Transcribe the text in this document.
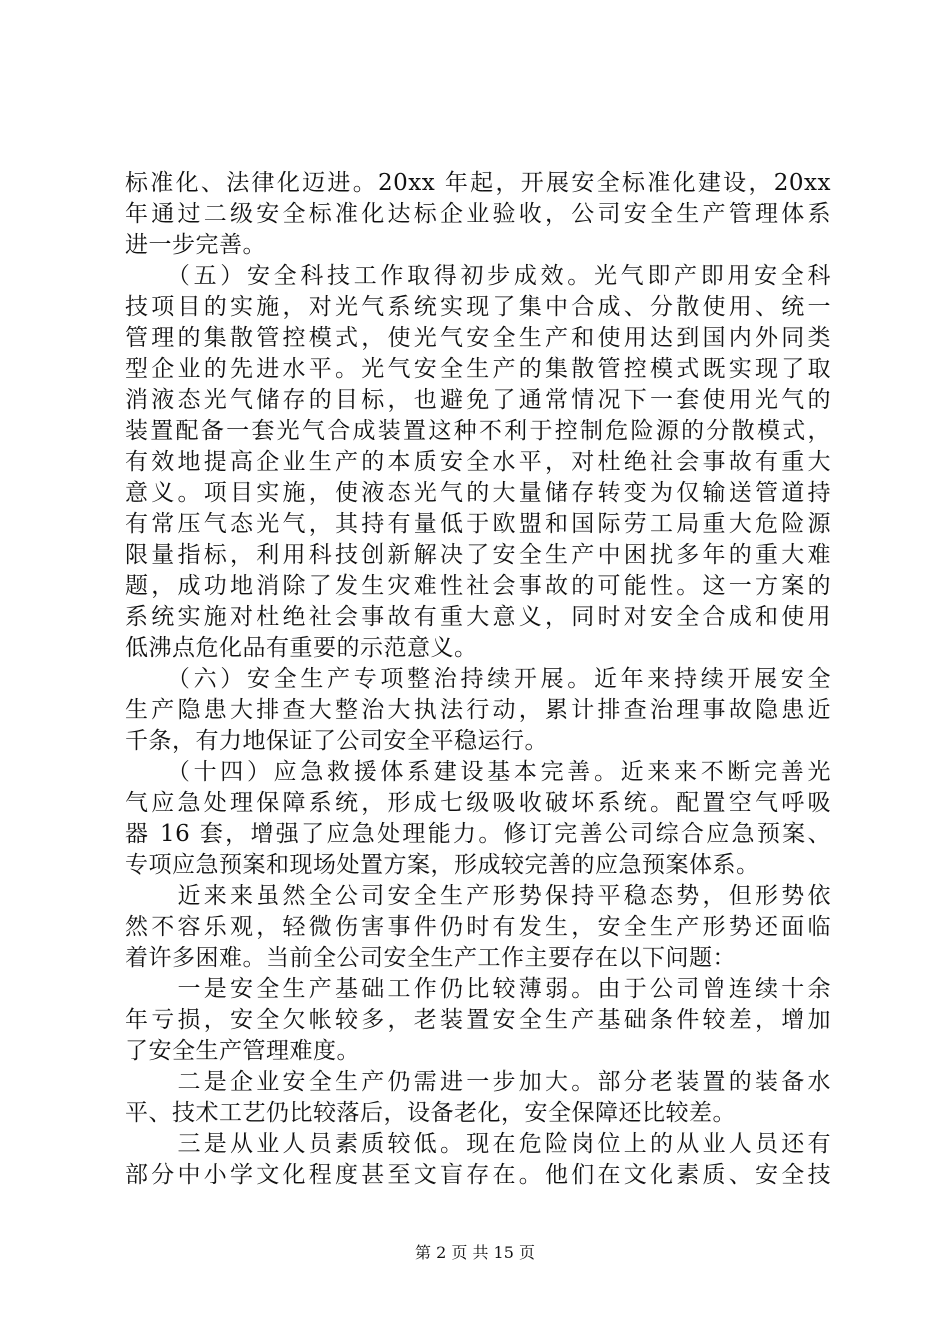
标准化、法律化迈进。20xx 年起，开展安全标准化建设，20xx
年通过二级安全标准化达标企业验收，公司安全生产管理体系
进一步完善。
　　（五）安全科技工作取得初步成效。光气即产即用安全科
技项目的实施，对光气系统实现了集中合成、分散使用、统一
管理的集散管控模式，使光气安全生产和使用达到国内外同类
型企业的先进水平。光气安全生产的集散管控模式既实现了取
消液态光气储存的目标，也避免了通常情况下一套使用光气的
装置配备一套光气合成装置这种不利于控制危险源的分散模式，
有效地提高企业生产的本质安全水平，对杜绝社会事故有重大
意义。项目实施，使液态光气的大量储存转变为仅输送管道持
有常压气态光气，其持有量低于欧盟和国际劳工局重大危险源
限量指标，利用科技创新解决了安全生产中困扰多年的重大难
题，成功地消除了发生灾难性社会事故的可能性。这一方案的
系统实施对杜绝社会事故有重大意义，同时对安全合成和使用
低沸点危化品有重要的示范意义。
　　（六）安全生产专项整治持续开展。近年来持续开展安全
生产隐患大排查大整治大执法行动，累计排查治理事故隐患近
千条，有力地保证了公司安全平稳运行。
　　（十四）应急救援体系建设基本完善。近来来不断完善光
气应急处理保障系统，形成七级吸收破坏系统。配置空气呼吸
器 16 套，增强了应急处理能力。修订完善公司综合应急预案、
专项应急预案和现场处置方案，形成较完善的应急预案体系。
　　近来来虽然全公司安全生产形势保持平稳态势，但形势依
然不容乐观，轻微伤害事件仍时有发生，安全生产形势还面临
着许多困难。当前全公司安全生产工作主要存在以下问题：
　　一是安全生产基础工作仍比较薄弱。由于公司曾连续十余
年亏损，安全欠帐较多，老装置安全生产基础条件较差，增加
了安全生产管理难度。
　　二是企业安全生产仍需进一步加大。部分老装置的装备水
平、技术工艺仍比较落后，设备老化，安全保障还比较差。
　　三是从业人员素质较低。现在危险岗位上的从业人员还有
部分中小学文化程度甚至文盲存在。他们在文化素质、安全技
第 2 页 共 15 页
